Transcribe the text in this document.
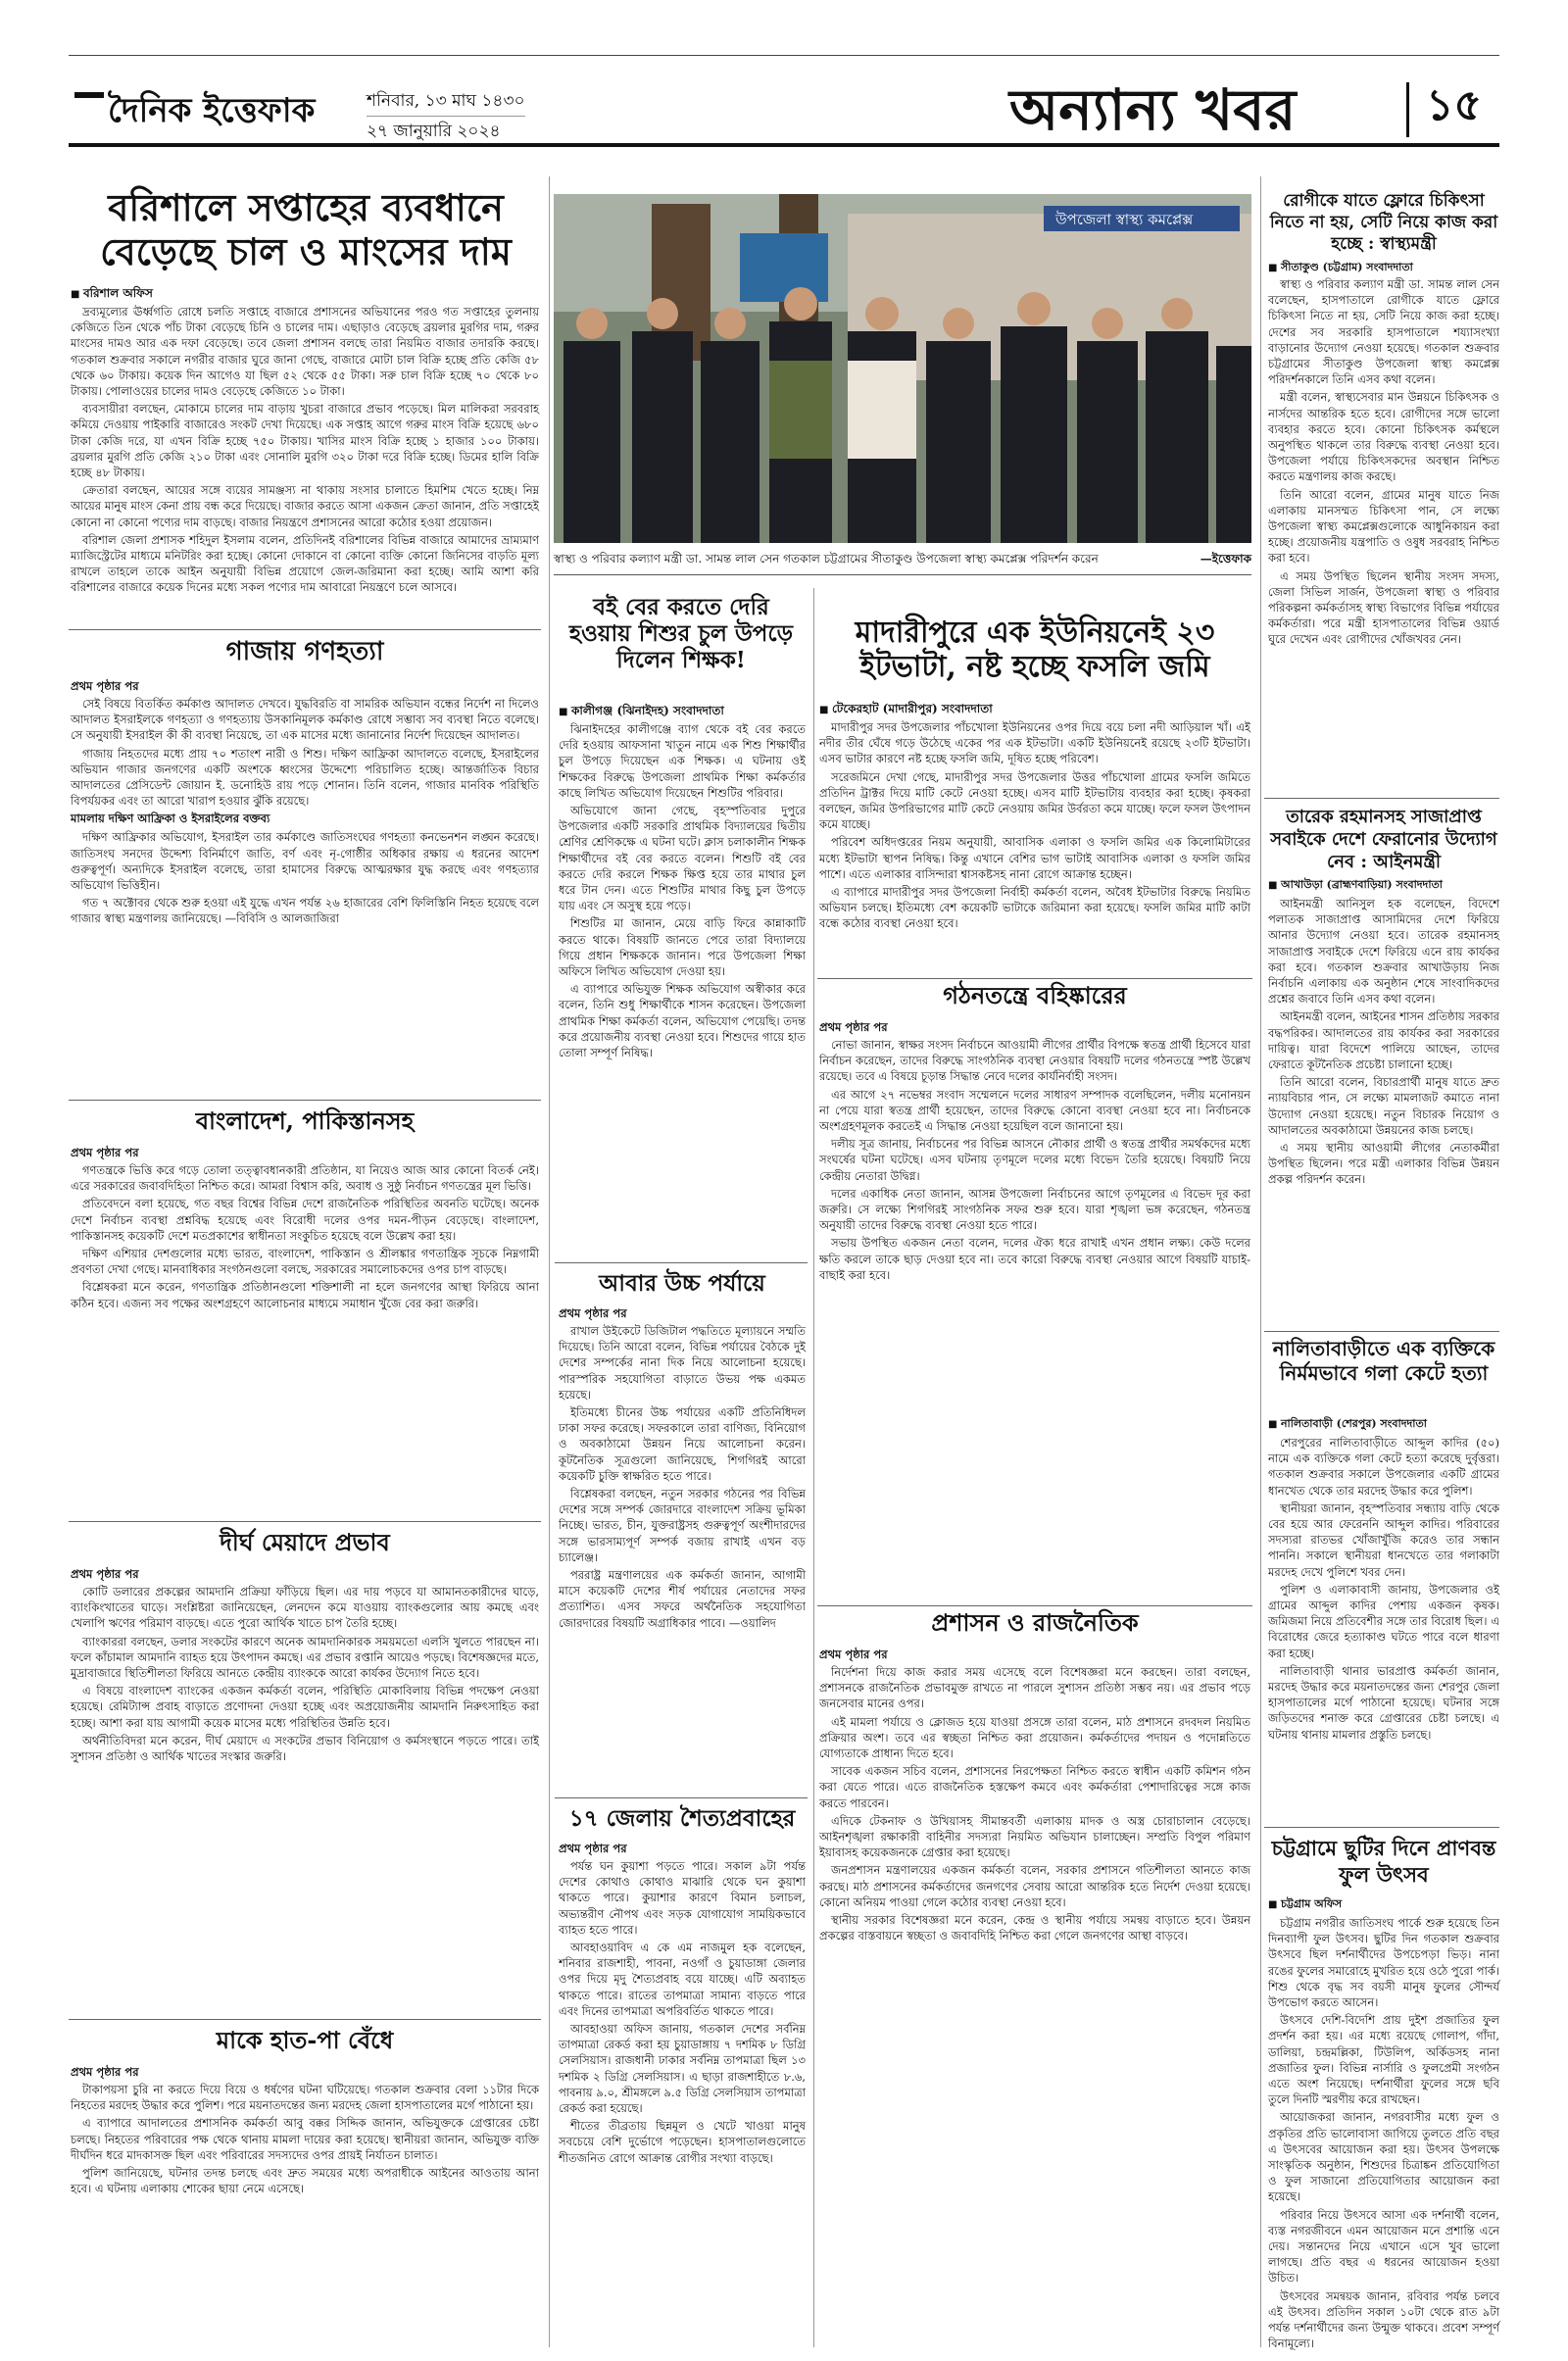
দৈনিক ইত্তেফাক	শনিবার, ১৩ মাঘ ১৪৩০
২৭ জানুয়ারি ২০২৪	অন্যান্য খবর	১৫
বরিশালে সপ্তাহের ব্যবধানে
বেড়েছে চাল ও মাংসের দাম
■ বরিশাল অফিস

দ্রব্যমূল্যের ঊর্ধ্বগতি রোধে চলতি সপ্তাহে বাজারে প্রশাসনের অভিযানের পরও গত সপ্তাহের তুলনায় কেজিতে তিন থেকে পাঁচ টাকা বেড়েছে চিনি ও চালের দাম। এছাড়াও বেড়েছে ব্রয়লার মুরগির দাম, গরুর মাংসের দামও আর এক দফা বেড়েছে। তবে জেলা প্রশাসন বলছে তারা নিয়মিত বাজার তদারকি করছে। গতকাল শুক্রবার সকালে নগরীর বাজার ঘুরে জানা গেছে, বাজারে মোটা চাল বিক্রি হচ্ছে প্রতি কেজি ৫৮ থেকে ৬০ টাকায়। কয়েক দিন আগেও যা ছিল ৫২ থেকে ৫৫ টাকা। সরু চাল বিক্রি হচ্ছে ৭০ থেকে ৮০ টাকায়। পোলাওয়ের চালের দামও বেড়েছে কেজিতে ১০ টাকা।

ব্যবসায়ীরা বলছেন, মোকামে চালের দাম বাড়ায় খুচরা বাজারে প্রভাব পড়েছে। মিল মালিকরা সরবরাহ কমিয়ে দেওয়ায় পাইকারি বাজারেও সংকট দেখা দিয়েছে। এক সপ্তাহ আগে গরুর মাংস বিক্রি হয়েছে ৬৮০ টাকা কেজি দরে, যা এখন বিক্রি হচ্ছে ৭৫০ টাকায়। খাসির মাংস বিক্রি হচ্ছে ১ হাজার ১০০ টাকায়। ব্রয়লার মুরগি প্রতি কেজি ২১০ টাকা এবং সোনালি মুরগি ৩২০ টাকা দরে বিক্রি হচ্ছে। ডিমের হালি বিক্রি হচ্ছে ৪৮ টাকায়।

ক্রেতারা বলছেন, আয়ের সঙ্গে ব্যয়ের সামঞ্জস্য না থাকায় সংসার চালাতে হিমশিম খেতে হচ্ছে। নিম্ন আয়ের মানুষ মাংস কেনা প্রায় বন্ধ করে দিয়েছে। বাজার করতে আসা একজন ক্রেতা জানান, প্রতি সপ্তাহেই কোনো না কোনো পণ্যের দাম বাড়ছে। বাজার নিয়ন্ত্রণে প্রশাসনের আরো কঠোর হওয়া প্রয়োজন।

বরিশাল জেলা প্রশাসক শহিদুল ইসলাম বলেন, প্রতিদিনই বরিশালের বিভিন্ন বাজারে আমাদের ভ্রাম্যমাণ ম্যাজিস্ট্রেটের মাধ্যমে মনিটরিং করা হচ্ছে। কোনো দোকানে বা কোনো ব্যক্তি কোনো জিনিসের বাড়তি মূল্য রাখলে তাহলে তাকে আইন অনুযায়ী বিভিন্ন প্রয়োগে জেল-জরিমানা করা হচ্ছে। আমি আশা করি বরিশালের বাজারে কয়েক দিনের মধ্যে সকল পণ্যের দাম আবারো নিয়ন্ত্রণে চলে আসবে।

গাজায় গণহত্যা
প্রথম পৃষ্ঠার পর

সেই বিষয়ে বিতর্কিত কর্মকাণ্ড আদালত দেখবে। যুদ্ধবিরতি বা সামরিক অভিযান বন্ধের নির্দেশ না দিলেও আদালত ইসরাইলকে গণহত্যা ও গণহত্যায় উসকানিমূলক কর্মকাণ্ড রোধে সম্ভাব্য সব ব্যবস্থা নিতে বলেছে। সে অনুযায়ী ইসরাইল কী কী ব্যবস্থা নিয়েছে, তা এক মাসের মধ্যে জানানোর নির্দেশ দিয়েছেন আদালত।

গাজায় নিহতদের মধ্যে প্রায় ৭০ শতাংশ নারী ও শিশু। দক্ষিণ আফ্রিকা আদালতে বলেছে, ইসরাইলের অভিযান গাজার জনগণের একটি অংশকে ধ্বংসের উদ্দেশ্যে পরিচালিত হচ্ছে। আন্তর্জাতিক বিচার আদালতের প্রেসিডেন্ট জোয়ান ই. ডনোহিউ রায় পড়ে শোনান। তিনি বলেন, গাজার মানবিক পরিস্থিতি বিপর্যয়কর এবং তা আরো খারাপ হওয়ার ঝুঁকি রয়েছে।

মামলায় দক্ষিণ আফ্রিকা ও ইসরাইলের বক্তব্য

দক্ষিণ আফ্রিকার অভিযোগ, ইসরাইল তার কর্মকাণ্ডে জাতিসংঘের গণহত্যা কনভেনশন লঙ্ঘন করেছে। জাতিসংঘ সনদের উদ্দেশ্য বিনির্মাণে জাতি, বর্ণ এবং নৃ-গোষ্ঠীর অধিকার রক্ষায় এ ধরনের আদেশ গুরুত্বপূর্ণ। অন্যদিকে ইসরাইল বলেছে, তারা হামাসের বিরুদ্ধে আত্মরক্ষার যুদ্ধ করছে এবং গণহত্যার অভিযোগ ভিত্তিহীন।

গত ৭ অক্টোবর থেকে শুরু হওয়া এই যুদ্ধে এখন পর্যন্ত ২৬ হাজারের বেশি ফিলিস্তিনি নিহত হয়েছে বলে গাজার স্বাস্থ্য মন্ত্রণালয় জানিয়েছে। —বিবিসি ও আলজাজিরা

বাংলাদেশ, পাকিস্তানসহ
প্রথম পৃষ্ঠার পর

গণতন্ত্রকে ভিত্তি করে গড়ে তোলা তত্ত্বাবধানকারী প্রতিষ্ঠান, যা নিয়েও আজ আর কোনো বিতর্ক নেই। এরে সরকারের জবাবদিহিতা নিশ্চিত করে। আমরা বিশ্বাস করি, অবাধ ও সুষ্ঠু নির্বাচন গণতন্ত্রের মূল ভিত্তি।

প্রতিবেদনে বলা হয়েছে, গত বছর বিশ্বের বিভিন্ন দেশে রাজনৈতিক পরিস্থিতির অবনতি ঘটেছে। অনেক দেশে নির্বাচন ব্যবস্থা প্রশ্নবিদ্ধ হয়েছে এবং বিরোধী দলের ওপর দমন-পীড়ন বেড়েছে। বাংলাদেশ, পাকিস্তানসহ কয়েকটি দেশে মতপ্রকাশের স্বাধীনতা সংকুচিত হয়েছে বলে উল্লেখ করা হয়।

দক্ষিণ এশিয়ার দেশগুলোর মধ্যে ভারত, বাংলাদেশ, পাকিস্তান ও শ্রীলঙ্কার গণতান্ত্রিক সূচকে নিম্নগামী প্রবণতা দেখা গেছে। মানবাধিকার সংগঠনগুলো বলছে, সরকারের সমালোচকদের ওপর চাপ বাড়ছে।

বিশ্লেষকরা মনে করেন, গণতান্ত্রিক প্রতিষ্ঠানগুলো শক্তিশালী না হলে জনগণের আস্থা ফিরিয়ে আনা কঠিন হবে। এজন্য সব পক্ষের অংশগ্রহণে আলোচনার মাধ্যমে সমাধান খুঁজে বের করা জরুরি।

দীর্ঘ মেয়াদে প্রভাব
প্রথম পৃষ্ঠার পর

কোটি ডলারের প্রকল্পের আমদানি প্রক্রিয়া ফাঁড়িয়ে ছিল। এর দায় পড়বে যা আমানতকারীদের ঘাড়ে, ব্যাংকিংখাতের ঘাড়ে। সংশ্লিষ্টরা জানিয়েছেন, লেনদেন কমে যাওয়ায় ব্যাংকগুলোর আয় কমছে এবং খেলাপি ঋণের পরিমাণ বাড়ছে। এতে পুরো আর্থিক খাতে চাপ তৈরি হচ্ছে।

ব্যাংকাররা বলছেন, ডলার সংকটের কারণে অনেক আমদানিকারক সময়মতো এলসি খুলতে পারছেন না। ফলে কাঁচামাল আমদানি ব্যাহত হয়ে উৎপাদন কমছে। এর প্রভাব রপ্তানি আয়েও পড়ছে। বিশেষজ্ঞদের মতে, মুদ্রাবাজারে স্থিতিশীলতা ফিরিয়ে আনতে কেন্দ্রীয় ব্যাংককে আরো কার্যকর উদ্যোগ নিতে হবে।

এ বিষয়ে বাংলাদেশ ব্যাংকের একজন কর্মকর্তা বলেন, পরিস্থিতি মোকাবিলায় বিভিন্ন পদক্ষেপ নেওয়া হয়েছে। রেমিট্যান্স প্রবাহ বাড়াতে প্রণোদনা দেওয়া হচ্ছে এবং অপ্রয়োজনীয় আমদানি নিরুৎসাহিত করা হচ্ছে। আশা করা যায় আগামী কয়েক মাসের মধ্যে পরিস্থিতির উন্নতি হবে।

অর্থনীতিবিদরা মনে করেন, দীর্ঘ মেয়াদে এ সংকটের প্রভাব বিনিয়োগ ও কর্মসংস্থানে পড়তে পারে। তাই সুশাসন প্রতিষ্ঠা ও আর্থিক খাতের সংস্কার জরুরি।

মাকে হাত-পা বেঁধে
প্রথম পৃষ্ঠার পর

টাকাপয়সা চুরি না করতে দিয়ে বিয়ে ও ধর্ষণের ঘটনা ঘটিয়েছে। গতকাল শুক্রবার বেলা ১১টার দিকে নিহতের মরদেহ উদ্ধার করে পুলিশ। পরে ময়নাতদন্তের জন্য মরদেহ জেলা হাসপাতালের মর্গে পাঠানো হয়।

এ ব্যাপারে আদালতের প্রশাসনিক কর্মকর্তা আবু বক্কর সিদ্দিক জানান, অভিযুক্তকে গ্রেপ্তারের চেষ্টা চলছে। নিহতের পরিবারের পক্ষ থেকে থানায় মামলা দায়ের করা হয়েছে। স্থানীয়রা জানান, অভিযুক্ত ব্যক্তি দীর্ঘদিন ধরে মাদকাসক্ত ছিল এবং পরিবারের সদস্যদের ওপর প্রায়ই নির্যাতন চালাত।

পুলিশ জানিয়েছে, ঘটনার তদন্ত চলছে এবং দ্রুত সময়ের মধ্যে অপরাধীকে আইনের আওতায় আনা হবে। এ ঘটনায় এলাকায় শোকের ছায়া নেমে এসেছে।

উপজেলা স্বাস্থ্য কমপ্লেক্স
স্বাস্থ্য ও পরিবার কল্যাণ মন্ত্রী ডা. সামন্ত লাল সেন গতকাল চট্টগ্রামের সীতাকুণ্ড উপজেলা স্বাস্থ্য কমপ্লেক্স পরিদর্শন করেন	—ইত্তেফাক
বই বের করতে দেরি হওয়ায় শিশুর চুল উপড়ে দিলেন শিক্ষক!
■ কালীগঞ্জ (ঝিনাইদহ) সংবাদদাতা

ঝিনাইদহের কালীগঞ্জে ব্যাগ থেকে বই বের করতে দেরি হওয়ায় আফসানা খাতুন নামে এক শিশু শিক্ষার্থীর চুল উপড়ে দিয়েছেন এক শিক্ষক। এ ঘটনায় ওই শিক্ষকের বিরুদ্ধে উপজেলা প্রাথমিক শিক্ষা কর্মকর্তার কাছে লিখিত অভিযোগ দিয়েছেন শিশুটির পরিবার।

অভিযোগে জানা গেছে, বৃহস্পতিবার দুপুরে উপজেলার একটি সরকারি প্রাথমিক বিদ্যালয়ের দ্বিতীয় শ্রেণির শ্রেণিকক্ষে এ ঘটনা ঘটে। ক্লাস চলাকালীন শিক্ষক শিক্ষার্থীদের বই বের করতে বলেন। শিশুটি বই বের করতে দেরি করলে শিক্ষক ক্ষিপ্ত হয়ে তার মাথার চুল ধরে টান দেন। এতে শিশুটির মাথার কিছু চুল উপড়ে যায় এবং সে অসুস্থ হয়ে পড়ে।

শিশুটির মা জানান, মেয়ে বাড়ি ফিরে কান্নাকাটি করতে থাকে। বিষয়টি জানতে পেরে তারা বিদ্যালয়ে গিয়ে প্রধান শিক্ষককে জানান। পরে উপজেলা শিক্ষা অফিসে লিখিত অভিযোগ দেওয়া হয়।

এ ব্যাপারে অভিযুক্ত শিক্ষক অভিযোগ অস্বীকার করে বলেন, তিনি শুধু শিক্ষার্থীকে শাসন করেছেন। উপজেলা প্রাথমিক শিক্ষা কর্মকর্তা বলেন, অভিযোগ পেয়েছি। তদন্ত করে প্রয়োজনীয় ব্যবস্থা নেওয়া হবে। শিশুদের গায়ে হাত তোলা সম্পূর্ণ নিষিদ্ধ।

আবার উচ্চ পর্যায়ে
প্রথম পৃষ্ঠার পর

রাখাল উইকেটে ডিজিটাল পদ্ধতিতে মূল্যায়নে সম্মতি দিয়েছে। তিনি আরো বলেন, বিভিন্ন পর্যায়ের বৈঠকে দুই দেশের সম্পর্কের নানা দিক নিয়ে আলোচনা হয়েছে। পারস্পরিক সহযোগিতা বাড়াতে উভয় পক্ষ একমত হয়েছে।

ইতিমধ্যে চীনের উচ্চ পর্যায়ের একটি প্রতিনিধিদল ঢাকা সফর করেছে। সফরকালে তারা বাণিজ্য, বিনিয়োগ ও অবকাঠামো উন্নয়ন নিয়ে আলোচনা করেন। কূটনৈতিক সূত্রগুলো জানিয়েছে, শিগগিরই আরো কয়েকটি চুক্তি স্বাক্ষরিত হতে পারে।

বিশ্লেষকরা বলছেন, নতুন সরকার গঠনের পর বিভিন্ন দেশের সঙ্গে সম্পর্ক জোরদারে বাংলাদেশ সক্রিয় ভূমিকা নিচ্ছে। ভারত, চীন, যুক্তরাষ্ট্রসহ গুরুত্বপূর্ণ অংশীদারদের সঙ্গে ভারসাম্যপূর্ণ সম্পর্ক বজায় রাখাই এখন বড় চ্যালেঞ্জ।

পররাষ্ট্র মন্ত্রণালয়ের এক কর্মকর্তা জানান, আগামী মাসে কয়েকটি দেশের শীর্ষ পর্যায়ের নেতাদের সফর প্রত্যাশিত। এসব সফরে অর্থনৈতিক সহযোগিতা জোরদারের বিষয়টি অগ্রাধিকার পাবে। —ওয়ালিদ

১৭ জেলায় শৈত্যপ্রবাহের
প্রথম পৃষ্ঠার পর

পর্যন্ত ঘন কুয়াশা পড়তে পারে। সকাল ৯টা পর্যন্ত দেশের কোথাও কোথাও মাঝারি থেকে ঘন কুয়াশা থাকতে পারে। কুয়াশার কারণে বিমান চলাচল, অভ্যন্তরীণ নৌপথ এবং সড়ক যোগাযোগ সাময়িকভাবে ব্যাহত হতে পারে।

আবহাওয়াবিদ এ কে এম নাজমুল হক বলেছেন, শনিবার রাজশাহী, পাবনা, নওগাঁ ও চুয়াডাঙ্গা জেলার ওপর দিয়ে মৃদু শৈত্যপ্রবাহ বয়ে যাচ্ছে। এটি অব্যাহত থাকতে পারে। রাতের তাপমাত্রা সামান্য বাড়তে পারে এবং দিনের তাপমাত্রা অপরিবর্তিত থাকতে পারে।

আবহাওয়া অফিস জানায়, গতকাল দেশের সর্বনিম্ন তাপমাত্রা রেকর্ড করা হয় চুয়াডাঙ্গায় ৭ দশমিক ৮ ডিগ্রি সেলসিয়াস। রাজধানী ঢাকার সর্বনিম্ন তাপমাত্রা ছিল ১৩ দশমিক ২ ডিগ্রি সেলসিয়াস। এ ছাড়া রাজশাহীতে ৮.৬, পাবনায় ৯.০, শ্রীমঙ্গলে ৯.৫ ডিগ্রি সেলসিয়াস তাপমাত্রা রেকর্ড করা হয়েছে।

শীতের তীব্রতায় ছিন্নমূল ও খেটে খাওয়া মানুষ সবচেয়ে বেশি দুর্ভোগে পড়েছেন। হাসপাতালগুলোতে শীতজনিত রোগে আক্রান্ত রোগীর সংখ্যা বাড়ছে।

মাদারীপুরে এক ইউনিয়নেই ২৩
ইটভাটা, নষ্ট হচ্ছে ফসলি জমি
■ টেকেরহাট (মাদারীপুর) সংবাদদাতা

মাদারীপুর সদর উপজেলার পাঁচখোলা ইউনিয়নের ওপর দিয়ে বয়ে চলা নদী আড়িয়াল খাঁ। এই নদীর তীর ঘেঁষে গড়ে উঠেছে একের পর এক ইটভাটা। একটি ইউনিয়নেই রয়েছে ২৩টি ইটভাটা। এসব ভাটার কারণে নষ্ট হচ্ছে ফসলি জমি, দূষিত হচ্ছে পরিবেশ।

সরেজমিনে দেখা গেছে, মাদারীপুর সদর উপজেলার উত্তর পাঁচখোলা গ্রামের ফসলি জমিতে প্রতিদিন ট্রাক্টর দিয়ে মাটি কেটে নেওয়া হচ্ছে। এসব মাটি ইটভাটায় ব্যবহার করা হচ্ছে। কৃষকরা বলছেন, জমির উপরিভাগের মাটি কেটে নেওয়ায় জমির উর্বরতা কমে যাচ্ছে। ফলে ফসল উৎপাদন কমে যাচ্ছে।

পরিবেশ অধিদপ্তরের নিয়ম অনুযায়ী, আবাসিক এলাকা ও ফসলি জমির এক কিলোমিটারের মধ্যে ইটভাটা স্থাপন নিষিদ্ধ। কিন্তু এখানে বেশির ভাগ ভাটাই আবাসিক এলাকা ও ফসলি জমির পাশে। এতে এলাকার বাসিন্দারা শ্বাসকষ্টসহ নানা রোগে আক্রান্ত হচ্ছেন।

এ ব্যাপারে মাদারীপুর সদর উপজেলা নির্বাহী কর্মকর্তা বলেন, অবৈধ ইটভাটার বিরুদ্ধে নিয়মিত অভিযান চলছে। ইতিমধ্যে বেশ কয়েকটি ভাটাকে জরিমানা করা হয়েছে। ফসলি জমির মাটি কাটা বন্ধে কঠোর ব্যবস্থা নেওয়া হবে।

গঠনতন্ত্রে বহিষ্কারের
প্রথম পৃষ্ঠার পর

নোভা জানান, স্বাক্ষর সংসদ নির্বাচনে আওয়ামী লীগের প্রার্থীর বিপক্ষে স্বতন্ত্র প্রার্থী হিসেবে যারা নির্বাচন করেছেন, তাদের বিরুদ্ধে সাংগঠনিক ব্যবস্থা নেওয়ার বিষয়টি দলের গঠনতন্ত্রে স্পষ্ট উল্লেখ রয়েছে। তবে এ বিষয়ে চূড়ান্ত সিদ্ধান্ত নেবে দলের কার্যনির্বাহী সংসদ।

এর আগে ২৭ নভেম্বর সংবাদ সম্মেলনে দলের সাধারণ সম্পাদক বলেছিলেন, দলীয় মনোনয়ন না পেয়ে যারা স্বতন্ত্র প্রার্থী হয়েছেন, তাদের বিরুদ্ধে কোনো ব্যবস্থা নেওয়া হবে না। নির্বাচনকে অংশগ্রহণমূলক করতেই এ সিদ্ধান্ত নেওয়া হয়েছিল বলে জানানো হয়।

দলীয় সূত্র জানায়, নির্বাচনের পর বিভিন্ন আসনে নৌকার প্রার্থী ও স্বতন্ত্র প্রার্থীর সমর্থকদের মধ্যে সংঘর্ষের ঘটনা ঘটেছে। এসব ঘটনায় তৃণমূলে দলের মধ্যে বিভেদ তৈরি হয়েছে। বিষয়টি নিয়ে কেন্দ্রীয় নেতারা উদ্বিগ্ন।

দলের একাধিক নেতা জানান, আসন্ন উপজেলা নির্বাচনের আগে তৃণমূলের এ বিভেদ দূর করা জরুরি। সে লক্ষ্যে শিগগিরই সাংগঠনিক সফর শুরু হবে। যারা শৃঙ্খলা ভঙ্গ করেছেন, গঠনতন্ত্র অনুযায়ী তাদের বিরুদ্ধে ব্যবস্থা নেওয়া হতে পারে।

সভায় উপস্থিত একজন নেতা বলেন, দলের ঐক্য ধরে রাখাই এখন প্রধান লক্ষ্য। কেউ দলের ক্ষতি করলে তাকে ছাড় দেওয়া হবে না। তবে কারো বিরুদ্ধে ব্যবস্থা নেওয়ার আগে বিষয়টি যাচাই-বাছাই করা হবে।

প্রশাসন ও রাজনৈতিক
প্রথম পৃষ্ঠার পর

নির্দেশনা দিয়ে কাজ করার সময় এসেছে বলে বিশেষজ্ঞরা মনে করছেন। তারা বলছেন, প্রশাসনকে রাজনৈতিক প্রভাবমুক্ত রাখতে না পারলে সুশাসন প্রতিষ্ঠা সম্ভব নয়। এর প্রভাব পড়ে জনসেবার মানের ওপর।

এই মামলা পর্যায়ে ও ক্লোজড হয়ে যাওয়া প্রসঙ্গে তারা বলেন, মাঠ প্রশাসনে রদবদল নিয়মিত প্রক্রিয়ার অংশ। তবে এর স্বচ্ছতা নিশ্চিত করা প্রয়োজন। কর্মকর্তাদের পদায়ন ও পদোন্নতিতে যোগ্যতাকে প্রাধান্য দিতে হবে।

সাবেক একজন সচিব বলেন, প্রশাসনের নিরপেক্ষতা নিশ্চিত করতে স্বাধীন একটি কমিশন গঠন করা যেতে পারে। এতে রাজনৈতিক হস্তক্ষেপ কমবে এবং কর্মকর্তারা পেশাদারিত্বের সঙ্গে কাজ করতে পারবেন।

এদিকে টেকনাফ ও উখিয়াসহ সীমান্তবর্তী এলাকায় মাদক ও অস্ত্র চোরাচালান বেড়েছে। আইনশৃঙ্খলা রক্ষাকারী বাহিনীর সদস্যরা নিয়মিত অভিযান চালাচ্ছেন। সম্প্রতি বিপুল পরিমাণ ইয়াবাসহ কয়েকজনকে গ্রেপ্তার করা হয়েছে।

জনপ্রশাসন মন্ত্রণালয়ের একজন কর্মকর্তা বলেন, সরকার প্রশাসনে গতিশীলতা আনতে কাজ করছে। মাঠ প্রশাসনের কর্মকর্তাদের জনগণের সেবায় আরো আন্তরিক হতে নির্দেশ দেওয়া হয়েছে। কোনো অনিয়ম পাওয়া গেলে কঠোর ব্যবস্থা নেওয়া হবে।

স্থানীয় সরকার বিশেষজ্ঞরা মনে করেন, কেন্দ্র ও স্থানীয় পর্যায়ে সমন্বয় বাড়াতে হবে। উন্নয়ন প্রকল্পের বাস্তবায়নে স্বচ্ছতা ও জবাবদিহি নিশ্চিত করা গেলে জনগণের আস্থা বাড়বে।

রোগীকে যাতে ফ্লোরে চিকিৎসা নিতে না হয়, সেটি নিয়ে কাজ করা হচ্ছে : স্বাস্থ্যমন্ত্রী
■ সীতাকুণ্ড (চট্টগ্রাম) সংবাদদাতা

স্বাস্থ্য ও পরিবার কল্যাণ মন্ত্রী ডা. সামন্ত লাল সেন বলেছেন, হাসপাতালে রোগীকে যাতে ফ্লোরে চিকিৎসা নিতে না হয়, সেটি নিয়ে কাজ করা হচ্ছে। দেশের সব সরকারি হাসপাতালে শয্যাসংখ্যা বাড়ানোর উদ্যোগ নেওয়া হয়েছে। গতকাল শুক্রবার চট্টগ্রামের সীতাকুণ্ড উপজেলা স্বাস্থ্য কমপ্লেক্স পরিদর্শনকালে তিনি এসব কথা বলেন।

মন্ত্রী বলেন, স্বাস্থ্যসেবার মান উন্নয়নে চিকিৎসক ও নার্সদের আন্তরিক হতে হবে। রোগীদের সঙ্গে ভালো ব্যবহার করতে হবে। কোনো চিকিৎসক কর্মস্থলে অনুপস্থিত থাকলে তার বিরুদ্ধে ব্যবস্থা নেওয়া হবে। উপজেলা পর্যায়ে চিকিৎসকদের অবস্থান নিশ্চিত করতে মন্ত্রণালয় কাজ করছে।

তিনি আরো বলেন, গ্রামের মানুষ যাতে নিজ এলাকায় মানসম্মত চিকিৎসা পান, সে লক্ষ্যে উপজেলা স্বাস্থ্য কমপ্লেক্সগুলোকে আধুনিকায়ন করা হচ্ছে। প্রয়োজনীয় যন্ত্রপাতি ও ওষুধ সরবরাহ নিশ্চিত করা হবে।

এ সময় উপস্থিত ছিলেন স্থানীয় সংসদ সদস্য, জেলা সিভিল সার্জন, উপজেলা স্বাস্থ্য ও পরিবার পরিকল্পনা কর্মকর্তাসহ স্বাস্থ্য বিভাগের বিভিন্ন পর্যায়ের কর্মকর্তারা। পরে মন্ত্রী হাসপাতালের বিভিন্ন ওয়ার্ড ঘুরে দেখেন এবং রোগীদের খোঁজখবর নেন।

তারেক রহমানসহ সাজাপ্রাপ্ত সবাইকে দেশে ফেরানোর উদ্যোগ নেব : আইনমন্ত্রী
■ আখাউড়া (ব্রাহ্মণবাড়িয়া) সংবাদদাতা

আইনমন্ত্রী আনিসুল হক বলেছেন, বিদেশে পলাতক সাজাপ্রাপ্ত আসামিদের দেশে ফিরিয়ে আনার উদ্যোগ নেওয়া হবে। তারেক রহমানসহ সাজাপ্রাপ্ত সবাইকে দেশে ফিরিয়ে এনে রায় কার্যকর করা হবে। গতকাল শুক্রবার আখাউড়ায় নিজ নির্বাচনি এলাকায় এক অনুষ্ঠান শেষে সাংবাদিকদের প্রশ্নের জবাবে তিনি এসব কথা বলেন।

আইনমন্ত্রী বলেন, আইনের শাসন প্রতিষ্ঠায় সরকার বদ্ধপরিকর। আদালতের রায় কার্যকর করা সরকারের দায়িত্ব। যারা বিদেশে পালিয়ে আছেন, তাদের ফেরাতে কূটনৈতিক প্রচেষ্টা চালানো হচ্ছে।

তিনি আরো বলেন, বিচারপ্রার্থী মানুষ যাতে দ্রুত ন্যায়বিচার পান, সে লক্ষ্যে মামলাজট কমাতে নানা উদ্যোগ নেওয়া হয়েছে। নতুন বিচারক নিয়োগ ও আদালতের অবকাঠামো উন্নয়নের কাজ চলছে।

এ সময় স্থানীয় আওয়ামী লীগের নেতাকর্মীরা উপস্থিত ছিলেন। পরে মন্ত্রী এলাকার বিভিন্ন উন্নয়ন প্রকল্প পরিদর্শন করেন।

নালিতাবাড়ীতে এক ব্যক্তিকে নির্মমভাবে গলা কেটে হত্যা
■ নালিতাবাড়ী (শেরপুর) সংবাদদাতা

শেরপুরের নালিতাবাড়ীতে আব্দুল কাদির (৫০) নামে এক ব্যক্তিকে গলা কেটে হত্যা করেছে দুর্বৃত্তরা। গতকাল শুক্রবার সকালে উপজেলার একটি গ্রামের ধানখেত থেকে তার মরদেহ উদ্ধার করে পুলিশ।

স্থানীয়রা জানান, বৃহস্পতিবার সন্ধ্যায় বাড়ি থেকে বের হয়ে আর ফেরেননি আব্দুল কাদির। পরিবারের সদস্যরা রাতভর খোঁজাখুঁজি করেও তার সন্ধান পাননি। সকালে স্থানীয়রা ধানখেতে তার গলাকাটা মরদেহ দেখে পুলিশে খবর দেন।

পুলিশ ও এলাকাবাসী জানায়, উপজেলার ওই গ্রামের আব্দুল কাদির পেশায় একজন কৃষক। জমিজমা নিয়ে প্রতিবেশীর সঙ্গে তার বিরোধ ছিল। এ বিরোধের জেরে হত্যাকাণ্ড ঘটতে পারে বলে ধারণা করা হচ্ছে।

নালিতাবাড়ী থানার ভারপ্রাপ্ত কর্মকর্তা জানান, মরদেহ উদ্ধার করে ময়নাতদন্তের জন্য শেরপুর জেলা হাসপাতালের মর্গে পাঠানো হয়েছে। ঘটনার সঙ্গে জড়িতদের শনাক্ত করে গ্রেপ্তারের চেষ্টা চলছে। এ ঘটনায় থানায় মামলার প্রস্তুতি চলছে।

চট্টগ্রামে ছুটির দিনে প্রাণবন্ত ফুল উৎসব
■ চট্টগ্রাম অফিস

চট্টগ্রাম নগরীর জাতিসংঘ পার্কে শুরু হয়েছে তিন দিনব্যাপী ফুল উৎসব। ছুটির দিন গতকাল শুক্রবার উৎসবে ছিল দর্শনার্থীদের উপচেপড়া ভিড়। নানা রঙের ফুলের সমারোহে মুখরিত হয়ে ওঠে পুরো পার্ক। শিশু থেকে বৃদ্ধ সব বয়সী মানুষ ফুলের সৌন্দর্য উপভোগ করতে আসেন।

উৎসবে দেশি-বিদেশি প্রায় দুইশ প্রজাতির ফুল প্রদর্শন করা হয়। এর মধ্যে রয়েছে গোলাপ, গাঁদা, ডালিয়া, চন্দ্রমল্লিকা, টিউলিপ, অর্কিডসহ নানা প্রজাতির ফুল। বিভিন্ন নার্সারি ও ফুলপ্রেমী সংগঠন এতে অংশ নিয়েছে। দর্শনার্থীরা ফুলের সঙ্গে ছবি তুলে দিনটি স্মরণীয় করে রাখছেন।

আয়োজকরা জানান, নগরবাসীর মধ্যে ফুল ও প্রকৃতির প্রতি ভালোবাসা জাগিয়ে তুলতে প্রতি বছর এ উৎসবের আয়োজন করা হয়। উৎসব উপলক্ষে সাংস্কৃতিক অনুষ্ঠান, শিশুদের চিত্রাঙ্কন প্রতিযোগিতা ও ফুল সাজানো প্রতিযোগিতার আয়োজন করা হয়েছে।

পরিবার নিয়ে উৎসবে আসা এক দর্শনার্থী বলেন, ব্যস্ত নগরজীবনে এমন আয়োজন মনে প্রশান্তি এনে দেয়। সন্তানদের নিয়ে এখানে এসে খুব ভালো লাগছে। প্রতি বছর এ ধরনের আয়োজন হওয়া উচিত।

উৎসবের সমন্বয়ক জানান, রবিবার পর্যন্ত চলবে এই উৎসব। প্রতিদিন সকাল ১০টা থেকে রাত ৯টা পর্যন্ত দর্শনার্থীদের জন্য উন্মুক্ত থাকবে। প্রবেশ সম্পূর্ণ বিনামূল্যে।
